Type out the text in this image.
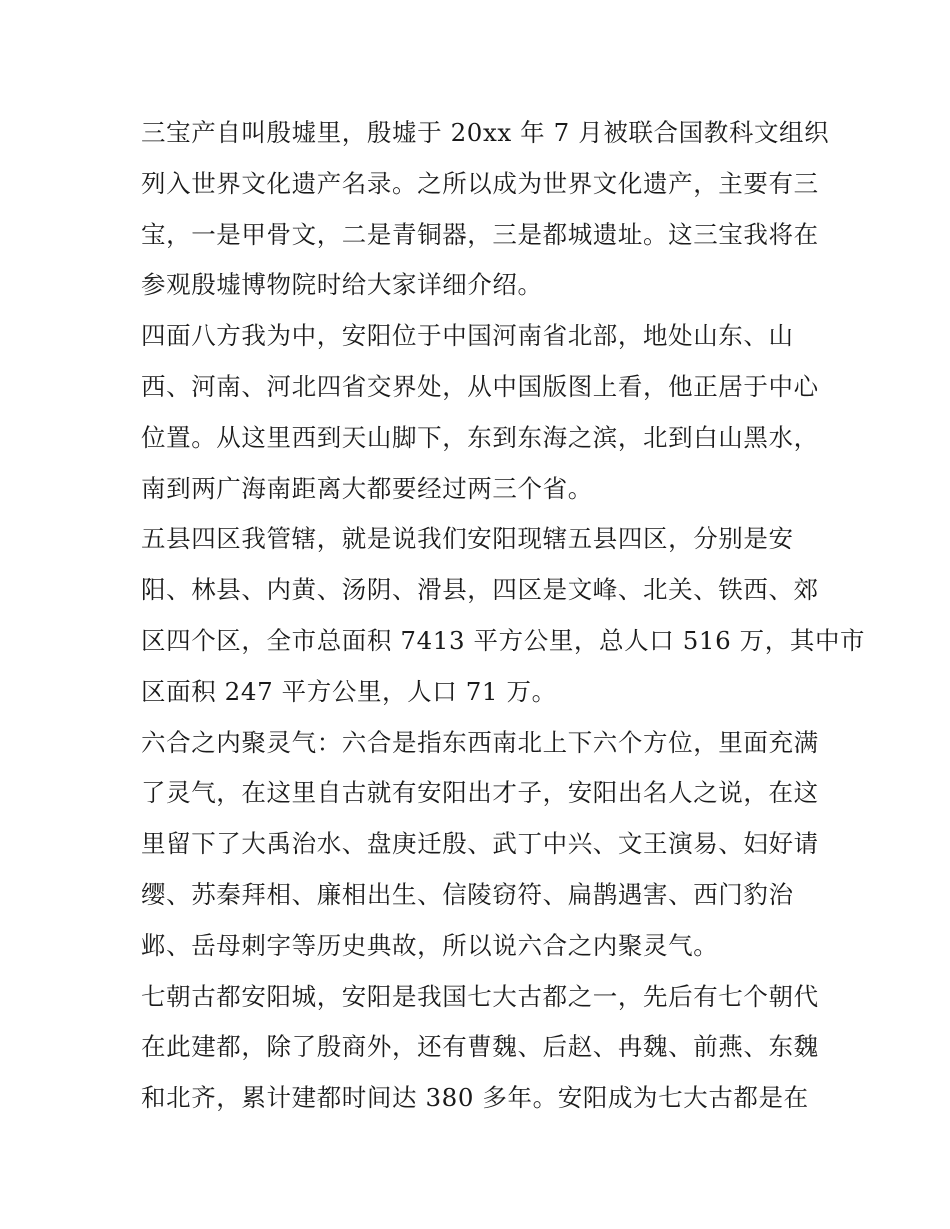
三宝产自叫殷墟里，殷墟于 20xx 年 7 月被联合国教科文组织
列入世界文化遗产名录。之所以成为世界文化遗产，主要有三
宝，一是甲骨文，二是青铜器，三是都城遗址。这三宝我将在
参观殷墟博物院时给大家详细介绍。
四面八方我为中，安阳位于中国河南省北部，地处山东、山
西、河南、河北四省交界处，从中国版图上看，他正居于中心
位置。从这里西到天山脚下，东到东海之滨，北到白山黑水，
南到两广海南距离大都要经过两三个省。
五县四区我管辖，就是说我们安阳现辖五县四区，分别是安
阳、林县、内黄、汤阴、滑县，四区是文峰、北关、铁西、郊
区四个区，全市总面积 7413 平方公里，总人口 516 万，其中市
区面积 247 平方公里，人口 71 万。
六合之内聚灵气：六合是指东西南北上下六个方位，里面充满
了灵气，在这里自古就有安阳出才子，安阳出名人之说，在这
里留下了大禹治水、盘庚迁殷、武丁中兴、文王演易、妇好请
缨、苏秦拜相、廉相出生、信陵窃符、扁鹊遇害、西门豹治
邺、岳母刺字等历史典故，所以说六合之内聚灵气。
七朝古都安阳城，安阳是我国七大古都之一，先后有七个朝代
在此建都，除了殷商外，还有曹魏、后赵、冉魏、前燕、东魏
和北齐，累计建都时间达 380 多年。安阳成为七大古都是在
